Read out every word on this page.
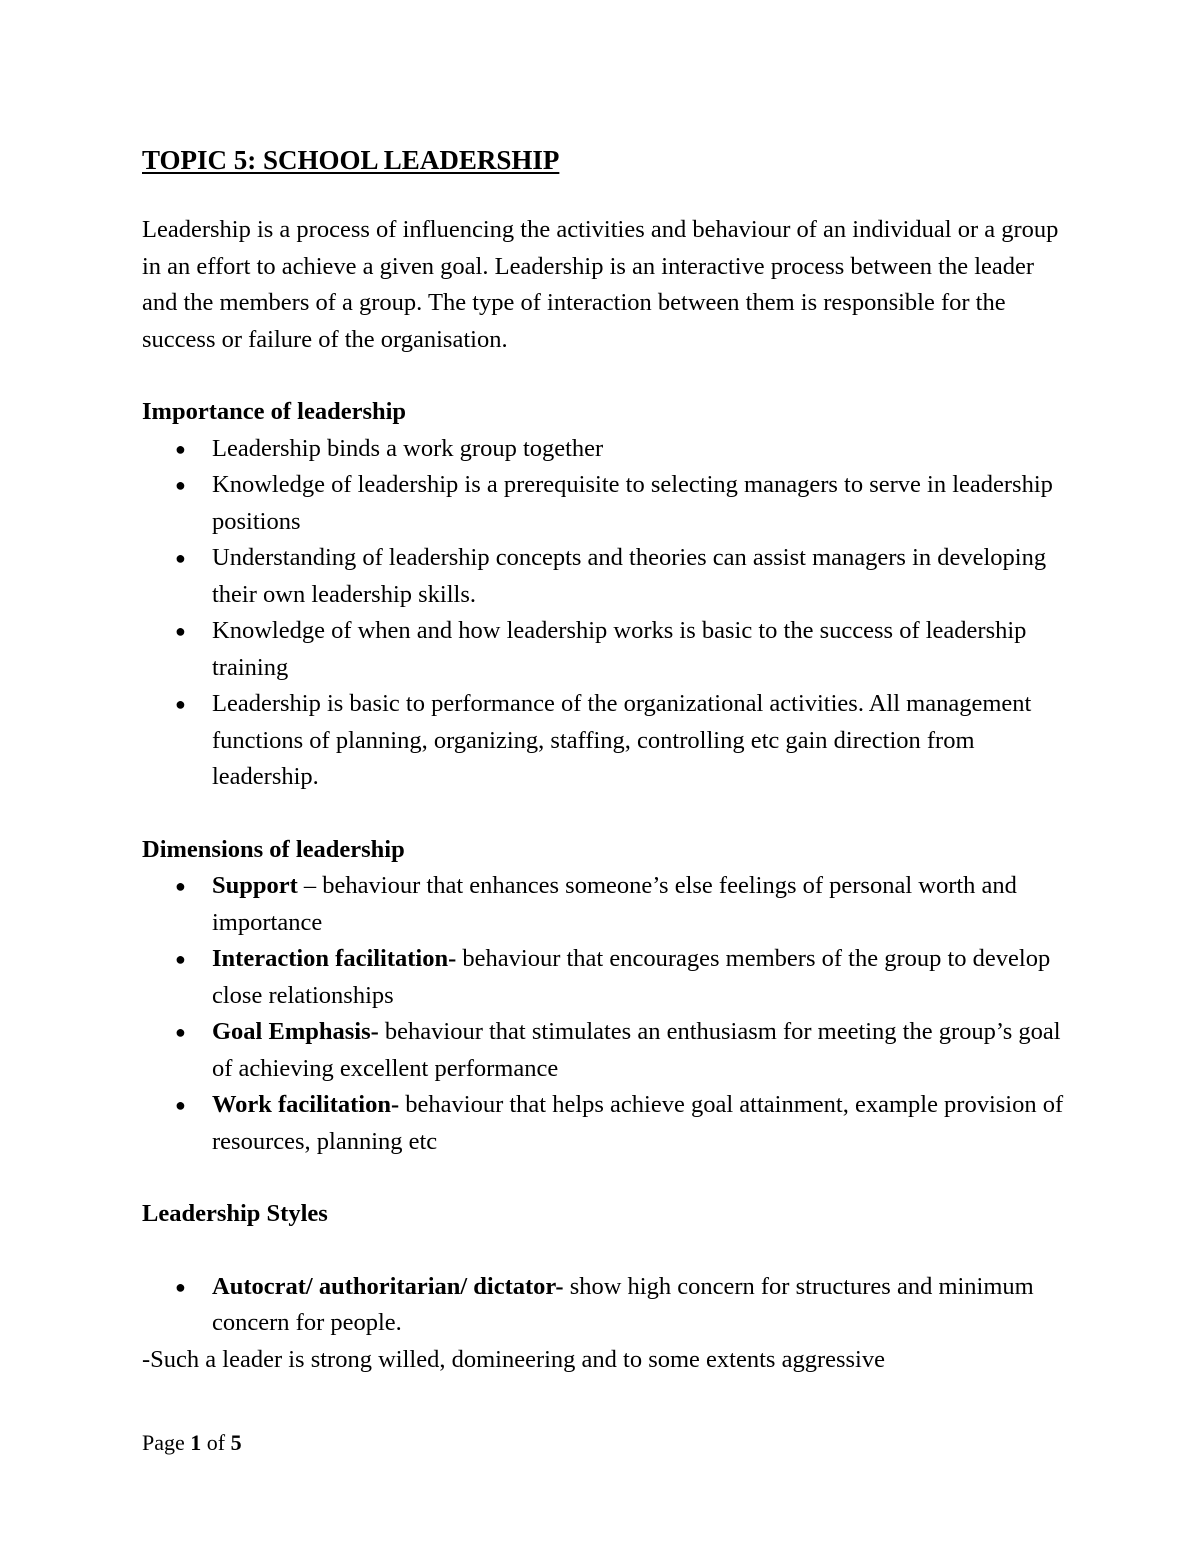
TOPIC 5: SCHOOL LEADERSHIP

Leadership is a process of influencing the activities and behaviour of an individual or a group in an effort to achieve a given goal. Leadership is an interactive process between the leader and the members of a group. The type of interaction between them is responsible for the success or failure of the organisation.

Importance of leadership
● Leadership binds a work group together
● Knowledge of leadership is a prerequisite to selecting managers to serve in leadership positions
● Understanding of leadership concepts and theories can assist managers in developing their own leadership skills.
● Knowledge of when and how leadership works is basic to the success of leadership training
● Leadership is basic to performance of the organizational activities. All management functions of planning, organizing, staffing, controlling etc gain direction from leadership.
Dimensions of leadership
● Support – behaviour that enhances someone’s else feelings of personal worth and importance
● Interaction facilitation- behaviour that encourages members of the group to develop close relationships
● Goal Emphasis- behaviour that stimulates an enthusiasm for meeting the group’s goal of achieving excellent performance
● Work facilitation- behaviour that helps achieve goal attainment, example provision of resources, planning etc
Leadership Styles
● Autocrat/ authoritarian/ dictator- show high concern for structures and minimum concern for people.

-Such a leader is strong willed, domineering and to some extents aggressive

Page 1 of 5
